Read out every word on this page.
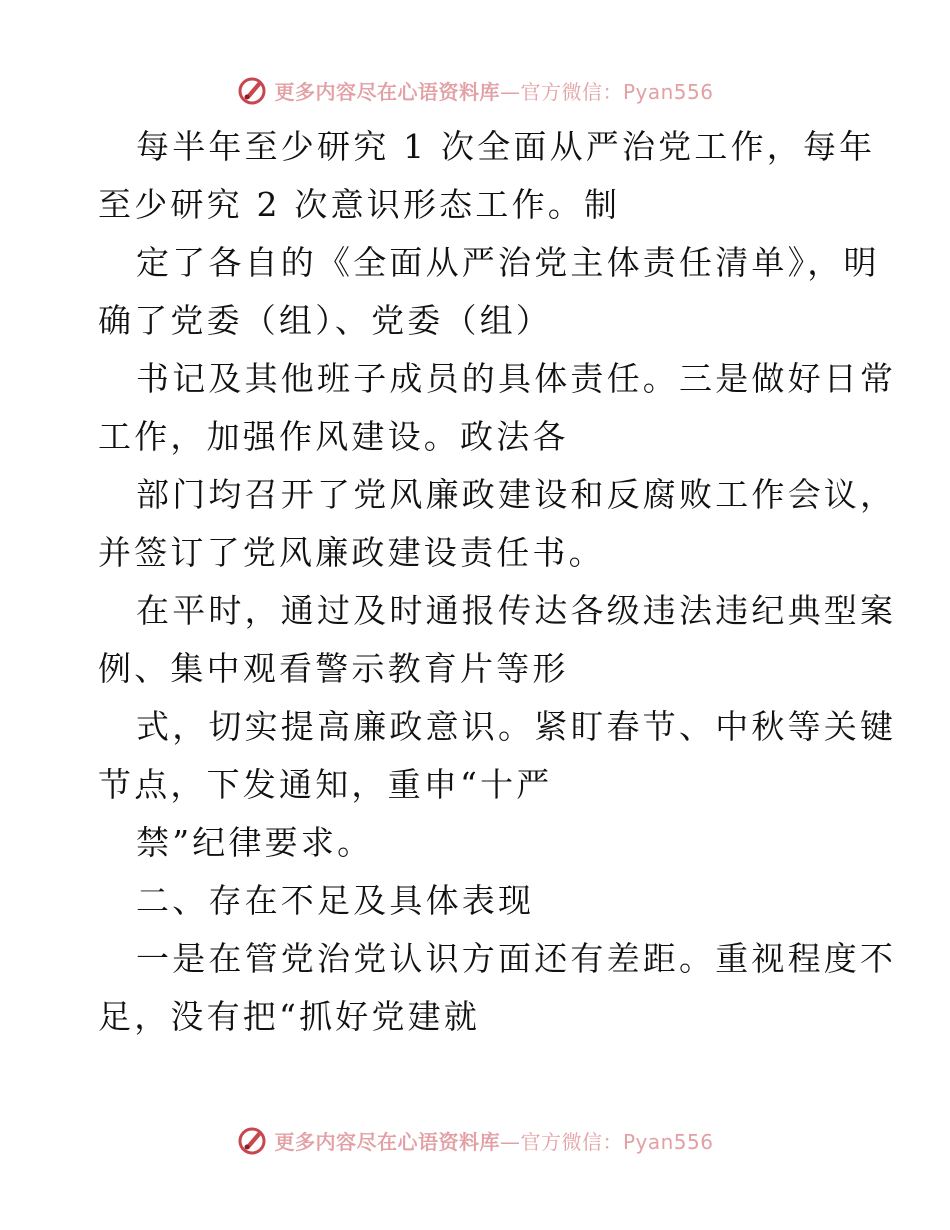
更多内容尽在心语资料库—官方微信：Pyan556
每半年至少研究 1 次全面从严治党工作，每年
至少研究 2 次意识形态工作。制
定了各自的《全面从严治党主体责任清单》，明
确了党委（组）、党委（组）
书记及其他班子成员的具体责任。三是做好日常
工作，加强作风建设。政法各
部门均召开了党风廉政建设和反腐败工作会议，
并签订了党风廉政建设责任书。
在平时，通过及时通报传达各级违法违纪典型案
例、集中观看警示教育片等形
式，切实提高廉政意识。紧盯春节、中秋等关键
节点，下发通知，重申“十严
禁”纪律要求。
二、存在不足及具体表现
一是在管党治党认识方面还有差距。重视程度不
足，没有把“抓好党建就
更多内容尽在心语资料库—官方微信：Pyan556
